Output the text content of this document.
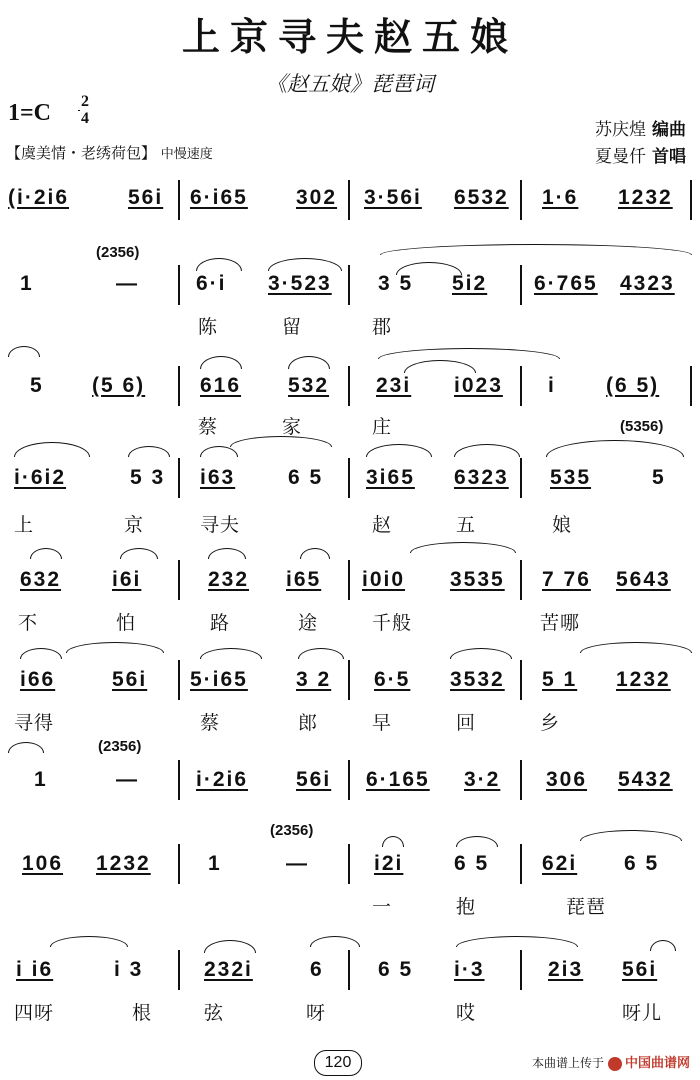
上京寻夫赵五娘
《赵五娘》琵琶词
1=C	2
4
【虞美情・老绣荷包】 中慢速度
苏庆煌 编曲
夏曼仟 首唱
(i·2i6	56i 6·i65 302 3·56i 6532 1·6 1232
1	—
(2356)
6·i 3·523 3 5 5i2 6·765 4323
陈	留	郡
5 (5 6)	616 532 23i i023 i (6 5)
蔡	家	庄
i·6i2	5 3 i63	6 5 3i65 6323 535
(5356)
5
上	京	寻夫	赵	五	娘
632 i6i	232 i65 i0i0 3535 7 76 5643
不	怕	路	途	千般	苦哪
i66	56i 5·i65 3 2 6·5 3532 5 1 1232
寻得	蔡	郎	早	回	乡
1	—
(2356)
i·2i6 56i 6·165 3·2 306 5432
106 1232	1	—
(2356)
i2i 6 5	62i 6 5
一	抱	琵琶
i i6	i 3	232i	6	6 5 i·3	2i3 56i
四呀	根	弦	呀	哎	呀儿
120	本曲谱上传于	中国曲谱网
